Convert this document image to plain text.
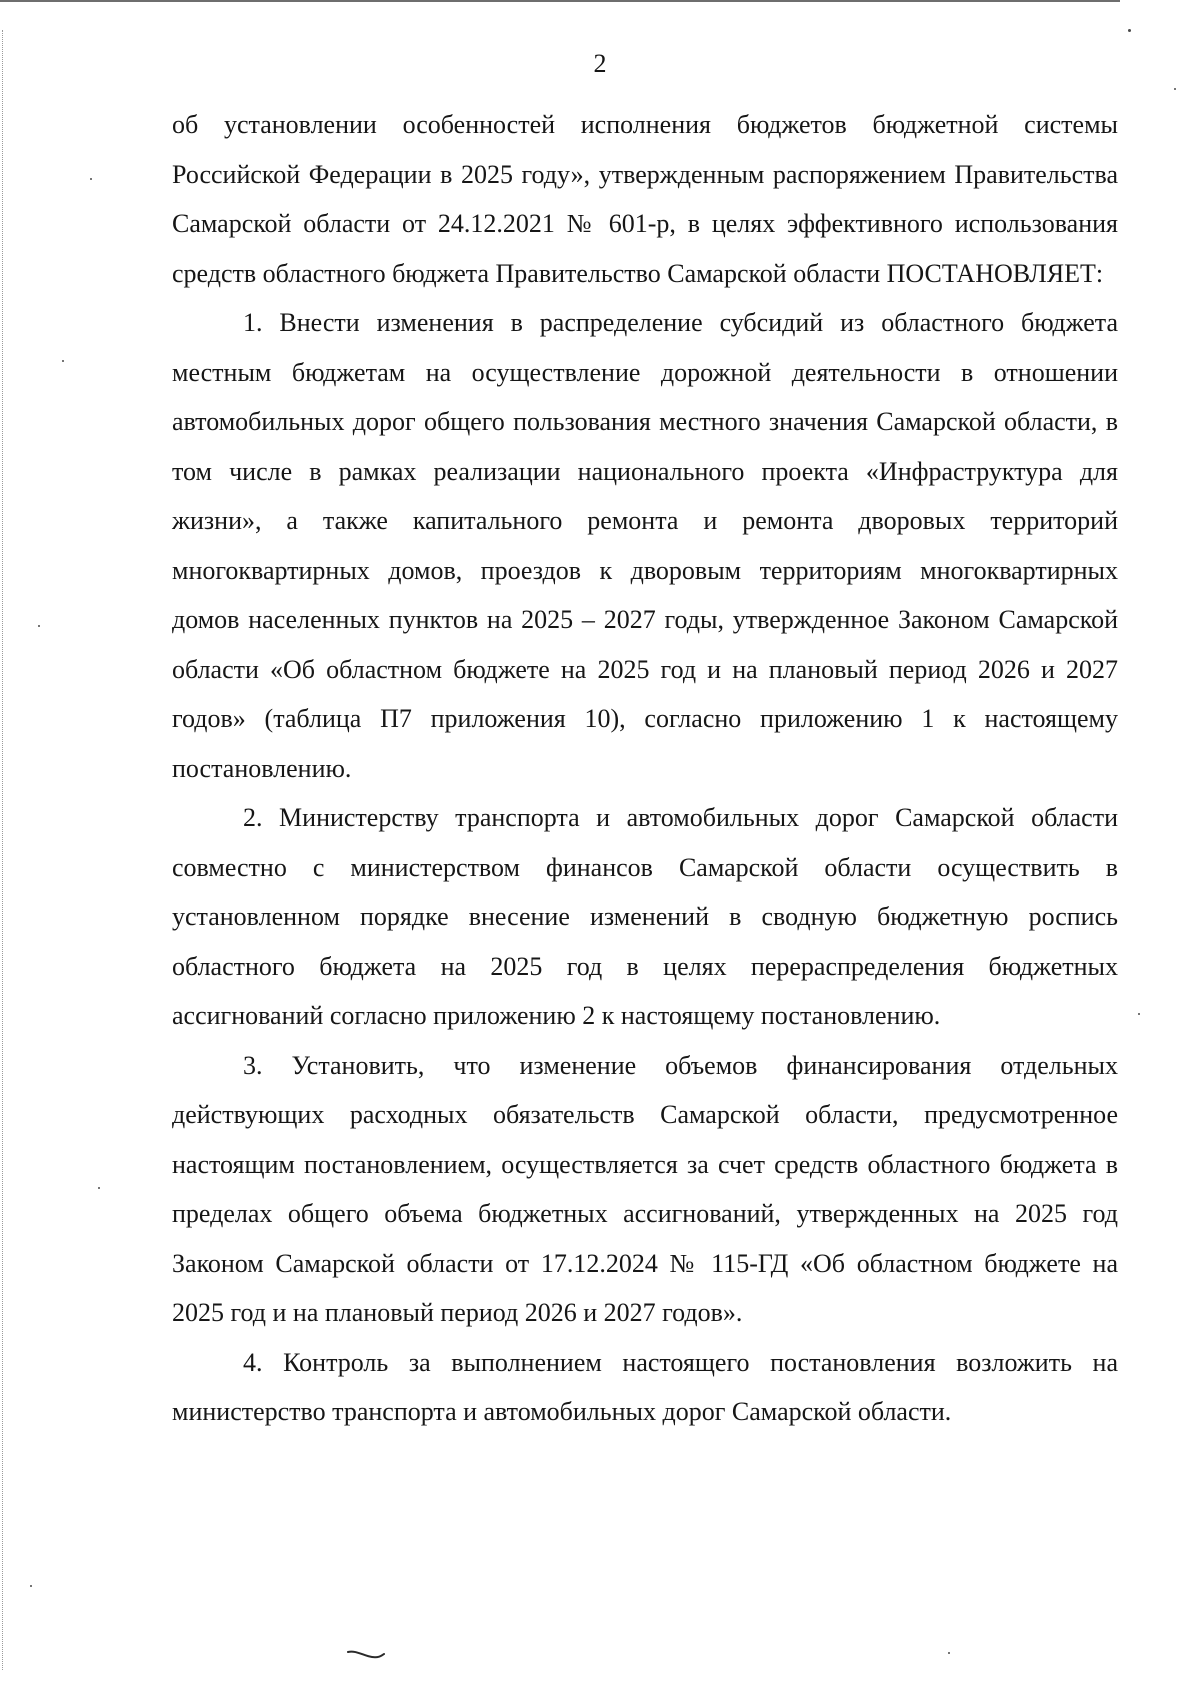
2

об установлении особенностей исполнения бюджетов бюджетной системы Российской Федерации в 2025 году», утвержденным распоряжением Правительства Самарской области от 24.12.2021 № 601-р, в целях эффективного использования средств областного бюджета Правительство Самарской области ПОСТАНОВЛЯЕТ:

1. Внести изменения в распределение субсидий из областного бюджета местным бюджетам на осуществление дорожной деятельности в отношении автомобильных дорог общего пользования местного значения Самарской области, в том числе в рамках реализации национального проекта «Инфраструктура для жизни», а также капитального ремонта и ремонта дворовых территорий многоквартирных домов, проездов к дворовым территориям многоквартирных домов населенных пунктов на 2025 – 2027 годы, утвержденное Законом Самарской области «Об областном бюджете на 2025 год и на плановый период 2026 и 2027 годов» (таблица П7 приложения 10), согласно приложению 1 к настоящему постановлению.

2. Министерству транспорта и автомобильных дорог Самарской области совместно с министерством финансов Самарской области осуществить в установленном порядке внесение изменений в сводную бюджетную роспись областного бюджета на 2025 год в целях перераспределения бюджетных ассигнований согласно приложению 2 к настоящему постановлению.

3. Установить, что изменение объемов финансирования отдельных действующих расходных обязательств Самарской области, предусмотренное настоящим постановлением, осуществляется за счет средств областного бюджета в пределах общего объема бюджетных ассигнований, утвержденных на 2025 год Законом Самарской области от 17.12.2024 № 115-ГД «Об областном бюджете на 2025 год и на плановый период 2026 и 2027 годов».

4. Контроль за выполнением настоящего постановления возложить на министерство транспорта и автомобильных дорог Самарской области.
